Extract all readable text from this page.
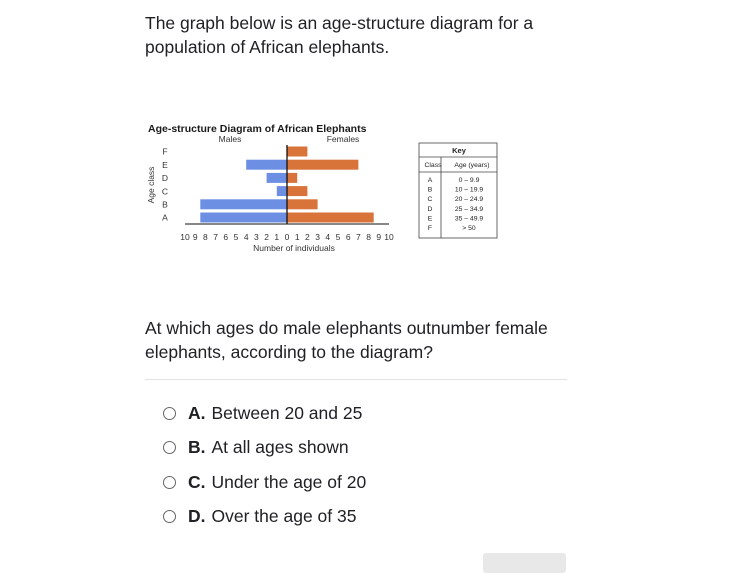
The graph below is an age-structure diagram for a population of African elephants.
Age-structure Diagram of African Elephants
Males	Females
A
B
C
D
E
F
Age class
10 9 8 7 6 5 4 3 2 1 0 1 2 3 4 5 6 7 8 9 10
Number of individuals
Key
Class Age (years)
A	0 – 9.9
B	10 – 19.9
C	20 – 24.9
D	25 – 34.9
E	35 – 49.9
F	> 50
At which ages do male elephants outnumber female elephants, according to the diagram?
A. Between 20 and 25
B. At all ages shown
C. Under the age of 20
D. Over the age of 35
